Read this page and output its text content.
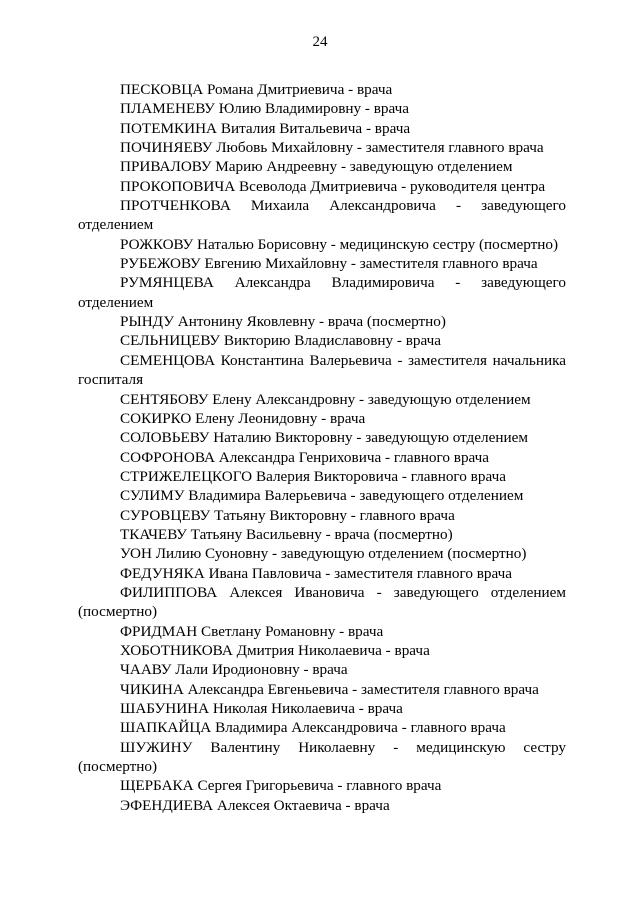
24

ПЕСКОВЦА Романа Дмитриевича - врача

ПЛАМЕНЕВУ Юлию Владимировну - врача

ПОТЕМКИНА Виталия Витальевича - врача

ПОЧИНЯЕВУ Любовь Михайловну - заместителя главного врача

ПРИВАЛОВУ Марию Андреевну - заведующую отделением

ПРОКОПОВИЧА Всеволода Дмитриевича - руководителя центра

ПРОТЧЕНКОВА Михаила Александровича - заведующего отделением

РОЖКОВУ Наталью Борисовну - медицинскую сестру (посмертно)

РУБЕЖОВУ Евгению Михайловну - заместителя главного врача

РУМЯНЦЕВА Александра Владимировича - заведующего отделением

РЫНДУ Антонину Яковлевну - врача (посмертно)

СЕЛЬНИЦЕВУ Викторию Владиславовну - врача

СЕМЕНЦОВА Константина Валерьевича - заместителя начальника госпиталя

СЕНТЯБОВУ Елену Александровну - заведующую отделением

СОКИРКО Елену Леонидовну - врача

СОЛОВЬЕВУ Наталию Викторовну - заведующую отделением

СОФРОНОВА Александра Генриховича - главного врача

СТРИЖЕЛЕЦКОГО Валерия Викторовича - главного врача

СУЛИМУ Владимира Валерьевича - заведующего отделением

СУРОВЦЕВУ Татьяну Викторовну - главного врача

ТКАЧЕВУ Татьяну Васильевну - врача (посмертно)

УОН Лилию Суоновну - заведующую отделением (посмертно)

ФЕДУНЯКА Ивана Павловича - заместителя главного врача

ФИЛИППОВА Алексея Ивановича - заведующего отделением (посмертно)

ФРИДМАН Светлану Романовну - врача

ХОБОТНИКОВА Дмитрия Николаевича - врача

ЧААВУ Лали Иродионовну - врача

ЧИКИНА Александра Евгеньевича - заместителя главного врача

ШАБУНИНА Николая Николаевича - врача

ШАПКАЙЦА Владимира Александровича - главного врача

ШУЖИНУ Валентину Николаевну - медицинскую сестру (посмертно)

ЩЕРБАКА Сергея Григорьевича - главного врача

ЭФЕНДИЕВА Алексея Октаевича - врача
